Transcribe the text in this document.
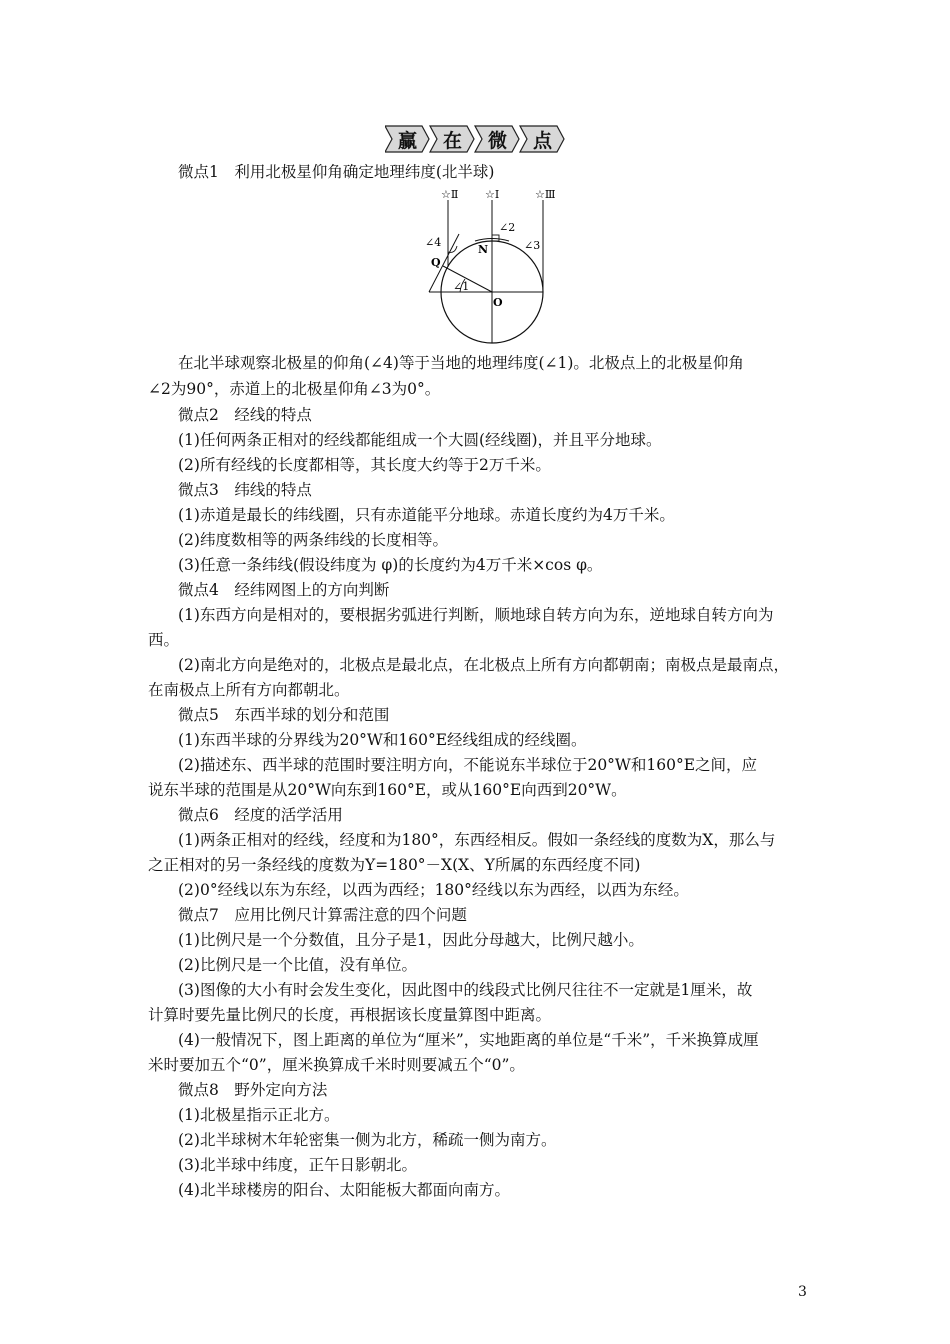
赢 在 微 点
微点1　利用北极星仰角确定地理纬度(北半球)
☆Ⅱ ☆Ⅰ	☆Ⅲ
∠2
∠3
∠4
∠1
N
Q
O
在北半球观察北极星的仰角(∠4)等于当地的地理纬度(∠1)。北极点上的北极星仰角
∠2为90°，赤道上的北极星仰角∠3为0°。
微点2　经线的特点
(1)任何两条正相对的经线都能组成一个大圆(经线圈)，并且平分地球。
(2)所有经线的长度都相等，其长度大约等于2万千米。
微点3　纬线的特点
(1)赤道是最长的纬线圈，只有赤道能平分地球。赤道长度约为4万千米。
(2)纬度数相等的两条纬线的长度相等。
(3)任意一条纬线(假设纬度为 φ)的长度约为4万千米×cos φ。
微点4　经纬网图上的方向判断
(1)东西方向是相对的，要根据劣弧进行判断，顺地球自转方向为东，逆地球自转方向为
西。
(2)南北方向是绝对的，北极点是最北点，在北极点上所有方向都朝南；南极点是最南点，
在南极点上所有方向都朝北。
微点5　东西半球的划分和范围
(1)东西半球的分界线为20°W和160°E经线组成的经线圈。
(2)描述东、西半球的范围时要注明方向，不能说东半球位于20°W和160°E之间，应
说东半球的范围是从20°W向东到160°E，或从160°E向西到20°W。
微点6　经度的活学活用
(1)两条正相对的经线，经度和为180°，东西经相反。假如一条经线的度数为X，那么与
之正相对的另一条经线的度数为Y=180°－X(X、Y所属的东西经度不同)
(2)0°经线以东为东经，以西为西经；180°经线以东为西经，以西为东经。
微点7　应用比例尺计算需注意的四个问题
(1)比例尺是一个分数值，且分子是1，因此分母越大，比例尺越小。
(2)比例尺是一个比值，没有单位。
(3)图像的大小有时会发生变化，因此图中的线段式比例尺往往不一定就是1厘米，故
计算时要先量比例尺的长度，再根据该长度量算图中距离。
(4)一般情况下，图上距离的单位为“厘米”，实地距离的单位是“千米”，千米换算成厘
米时要加五个“0”，厘米换算成千米时则要减五个“0”。
微点8　野外定向方法
(1)北极星指示正北方。
(2)北半球树木年轮密集一侧为北方，稀疏一侧为南方。
(3)北半球中纬度，正午日影朝北。
(4)北半球楼房的阳台、太阳能板大都面向南方。
3
